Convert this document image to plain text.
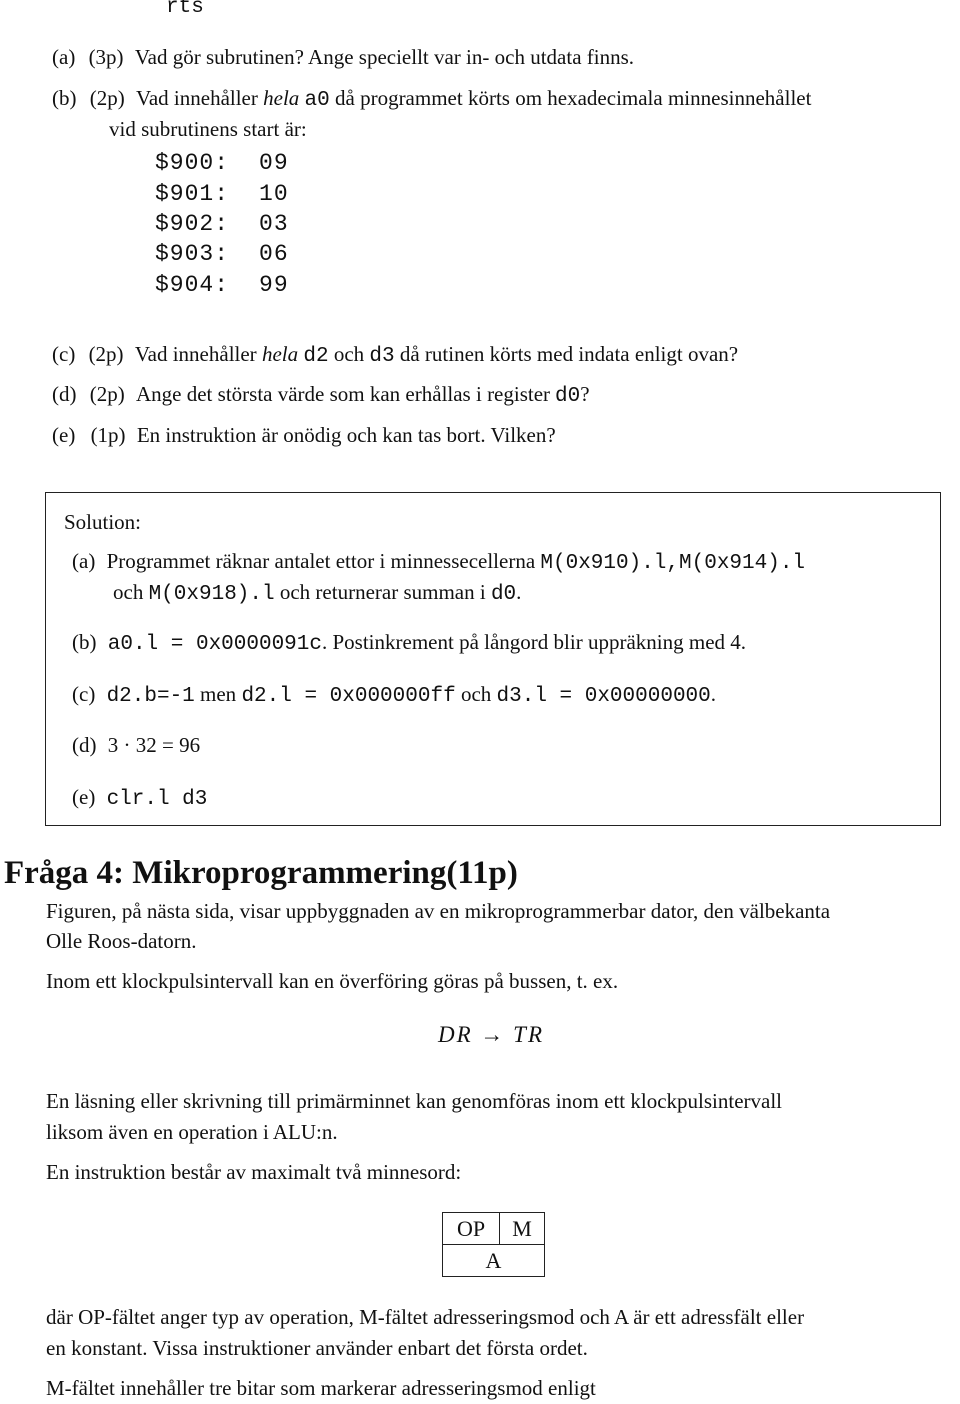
rts
(a) (3p) Vad gör subrutinen? Ange speciellt var in- och utdata finns.
(b) (2p) Vad innehåller hela a0 då programmet körts om hexadecimala minnesinnehållet
vid subrutinens start är:
$900: 09
$901: 10
$902: 03
$903: 06
$904: 99
(c) (2p) Vad innehåller hela d2 och d3 då rutinen körts med indata enligt ovan?
(d) (2p) Ange det största värde som kan erhållas i register d0?
(e) (1p) En instruktion är onödig och kan tas bort. Vilken?
Solution:
(a) Programmet räknar antalet ettor i minnessecellerna M(0x910).l,M(0x914).l
och M(0x918).l och returnerar summan i d0.
(b) a0.l = 0x0000091c. Postinkrement på långord blir uppräkning med 4.
(c) d2.b=-1 men d2.l = 0x000000ff och d3.l = 0x00000000.
(d) 3 · 32 = 96
(e) clr.l d3
Fråga 4: Mikroprogrammering(11p)
Figuren, på nästa sida, visar uppbyggnaden av en mikroprogrammerbar dator, den välbekanta
Olle Roos-datorn.
Inom ett klockpulsintervall kan en överföring göras på bussen, t. ex.
DR → TR
En läsning eller skrivning till primärminnet kan genomföras inom ett klockpulsintervall
liksom även en operation i ALU:n.
En instruktion består av maximalt två minnesord:
OP	M
A
där OP-fältet anger typ av operation, M-fältet adresseringsmod och A är ett adressfält eller
en konstant. Vissa instruktioner använder enbart det första ordet.
M-fältet innehåller tre bitar som markerar adresseringsmod enligt
